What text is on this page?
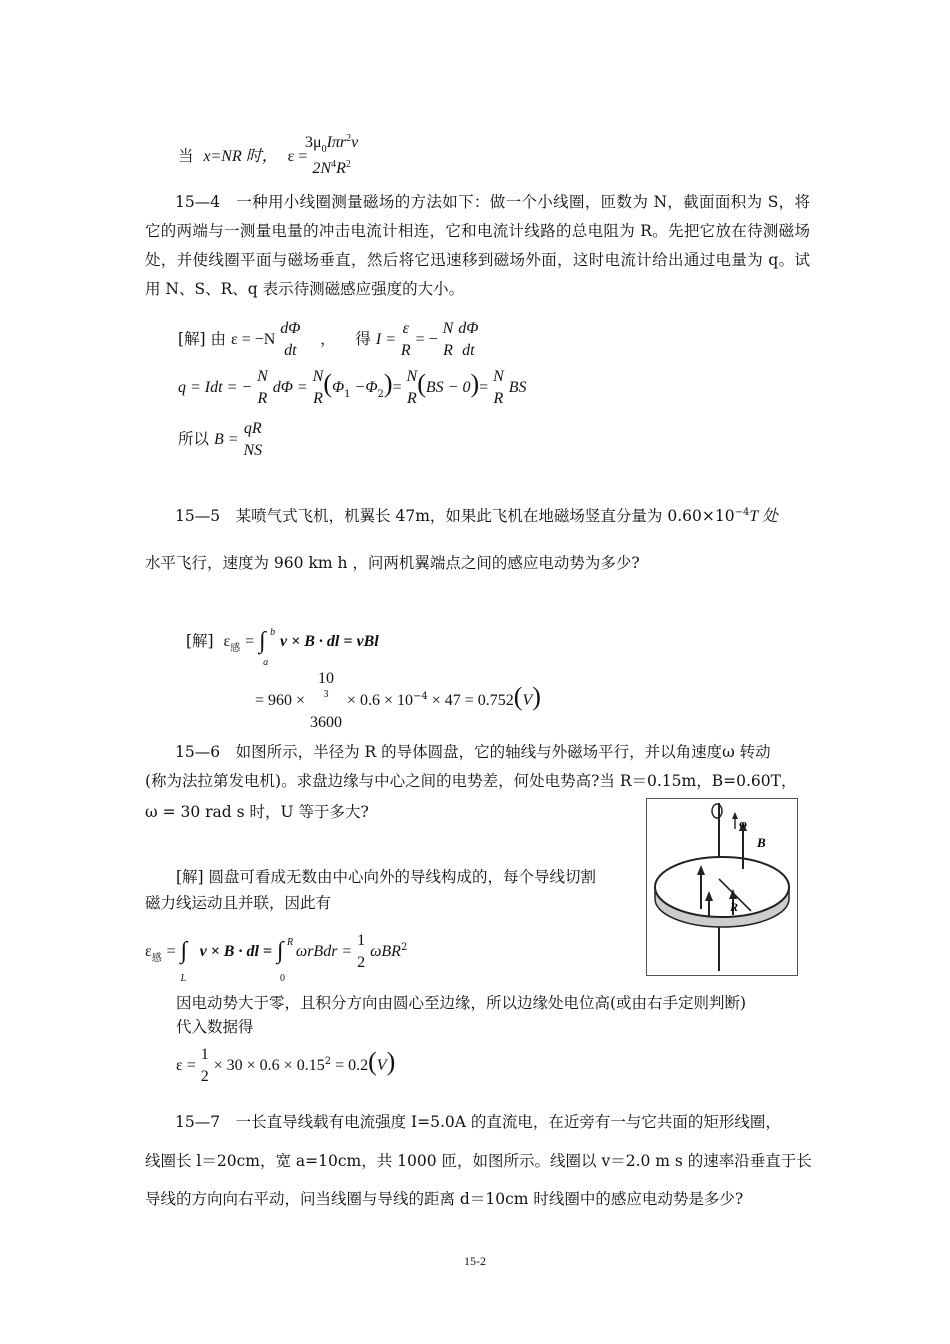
当 x=NR 时， ε =
$3\mu_0I\pi r^2v$
$2N^4R^2$
15—4　一种用小线圈测量磁场的方法如下：做一个小线圈，匝数为 N，截面面积为 S，将它的两端与一测量电量的冲击电流计相连，它和电流计线路的总电阻为 R。先把它放在待测磁场处，并使线圈平面与磁场垂直，然后将它迅速移到磁场外面，这时电流计给出通过电量为 q。试用 N、S、R、q 表示待测磁感应强度的大小。
[解] 由 ε = −N
dΦ
dt
， 得 I =
ε
R
= −
N
R

dΦ
dt
q = Idt = −
N
R
dΦ =
N
R
$(\Phi_1 -\Phi_2)=$
N
R
(BS − 0)=
N
R
BS
所以 B =
qR
NS
15—5　某喷气式飞机，机翼长 47m，如果此飞机在地磁场竖直分量为 $0.60\times 10^{-4}T$ 处
水平飞行，速度为 960 km h ，问两机翼端点之间的感应电动势为多少?
[解] $\varepsilon_感$ = ∫ b
a
v × B · dl = vBl
= 960 ×
10
3
3600
× $0.6 \times 10^{-4} \times 47 = 0.752(V)$
15—6　如图所示，半径为 R 的导体圆盘，它的轴线与外磁场平行，并以角速度ω 转动
(称为法拉第发电机)。求盘边缘与中心之间的电势差，何处电势高?当 R＝0.15m，B=0.60T，
ω = 30 rad s 时，U 等于多大?
[解] 圆盘可看成无数由中心向外的导线构成的，每个导线切割
磁力线运动且并联，因此有
$\varepsilon_感$ = ∫
L
v × B · dl = ∫ R
0
ωrBdr =
1
2
ωBR$^2$
因电动势大于零，且积分方向由圆心至边缘，所以边缘处电位高(或由右手定则判断)
代入数据得
ε =
1
2
× $30 \times 0.6 \times 0.15^2 = 0.2(V)$
ω
B
R
15—7　一长直导线载有电流强度 I=5.0A 的直流电，在近旁有一与它共面的矩形线圈，
线圈长 l＝20cm，宽 a=10cm，共 1000 匝，如图所示。线圈以 v＝2.0 m s 的速率沿垂直于长
导线的方向向右平动，问当线圈与导线的距离 d＝10cm 时线圈中的感应电动势是多少?
15-2
